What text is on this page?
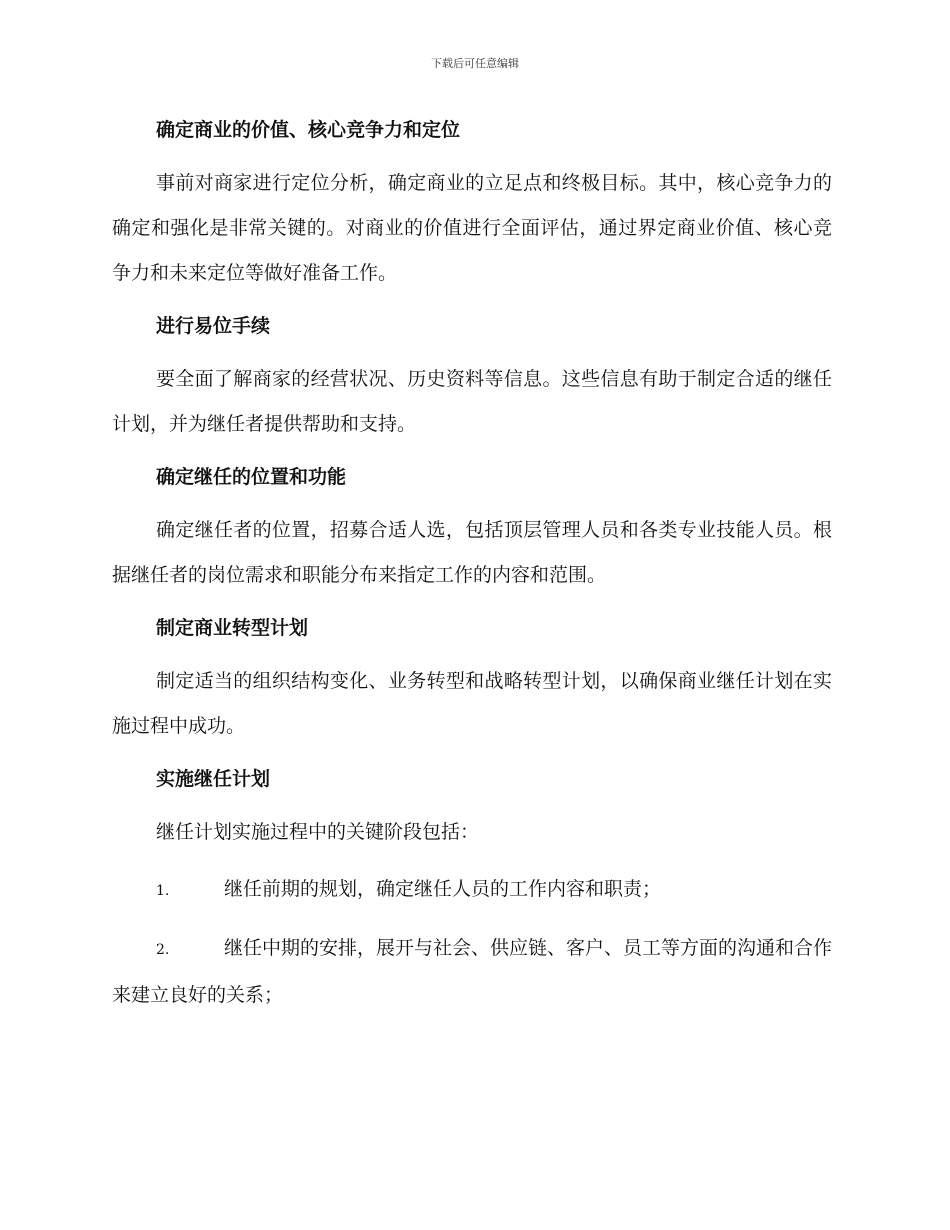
下载后可任意编辑

确定商业的价值、核心竞争力和定位

事前对商家进行定位分析，确定商业的立足点和终极目标。其中，核心竞争力的确定和强化是非常关键的。对商业的价值进行全面评估，通过界定商业价值、核心竞争力和未来定位等做好准备工作。

进行易位手续

要全面了解商家的经营状况、历史资料等信息。这些信息有助于制定合适的继任计划，并为继任者提供帮助和支持。

确定继任的位置和功能

确定继任者的位置，招募合适人选，包括顶层管理人员和各类专业技能人员。根据继任者的岗位需求和职能分布来指定工作的内容和范围。

制定商业转型计划

制定适当的组织结构变化、业务转型和战略转型计划，以确保商业继任计划在实施过程中成功。

实施继任计划

继任计划实施过程中的关键阶段包括：

1.	继任前期的规划，确定继任人员的工作内容和职责；

2.	继任中期的安排，展开与社会、供应链、客户、员工等方面的沟通和合作来建立良好的关系；
